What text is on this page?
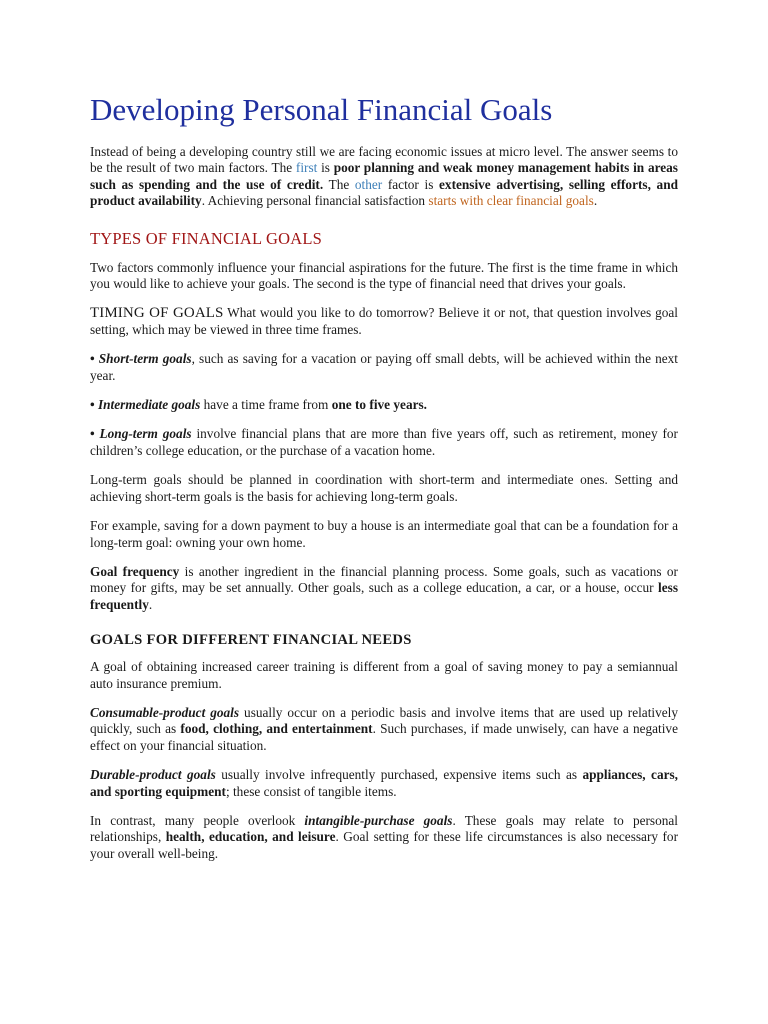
Developing Personal Financial Goals

Instead of being a developing country still we are facing economic issues at micro level. The answer seems to be the result of two main factors. The first is poor planning and weak money management habits in areas such as spending and the use of credit. The other factor is extensive advertising, selling efforts, and product availability. Achieving personal financial satisfaction starts with clear financial goals.

TYPES OF FINANCIAL GOALS

Two factors commonly influence your financial aspirations for the future. The first is the time frame in which you would like to achieve your goals. The second is the type of financial need that drives your goals.

TIMING OF GOALS What would you like to do tomorrow? Believe it or not, that question involves goal setting, which may be viewed in three time frames.

• Short-term goals, such as saving for a vacation or paying off small debts, will be achieved within the next year.

• Intermediate goals have a time frame from one to five years.

• Long-term goals involve financial plans that are more than five years off, such as retirement, money for children’s college education, or the purchase of a vacation home.

Long-term goals should be planned in coordination with short-term and intermediate ones. Setting and achieving short-term goals is the basis for achieving long-term goals.

For example, saving for a down payment to buy a house is an intermediate goal that can be a foundation for a long-term goal: owning your own home.

Goal frequency is another ingredient in the financial planning process. Some goals, such as vacations or money for gifts, may be set annually. Other goals, such as a college education, a car, or a house, occur less frequently.

GOALS FOR DIFFERENT FINANCIAL NEEDS

A goal of obtaining increased career training is different from a goal of saving money to pay a semiannual auto insurance premium.

Consumable-product goals usually occur on a periodic basis and involve items that are used up relatively quickly, such as food, clothing, and entertainment. Such purchases, if made unwisely, can have a negative effect on your financial situation.

Durable-product goals usually involve infrequently purchased, expensive items such as appliances, cars, and sporting equipment; these consist of tangible items.

In contrast, many people overlook intangible-purchase goals. These goals may relate to personal relationships, health, education, and leisure. Goal setting for these life circumstances is also necessary for your overall well-being.
